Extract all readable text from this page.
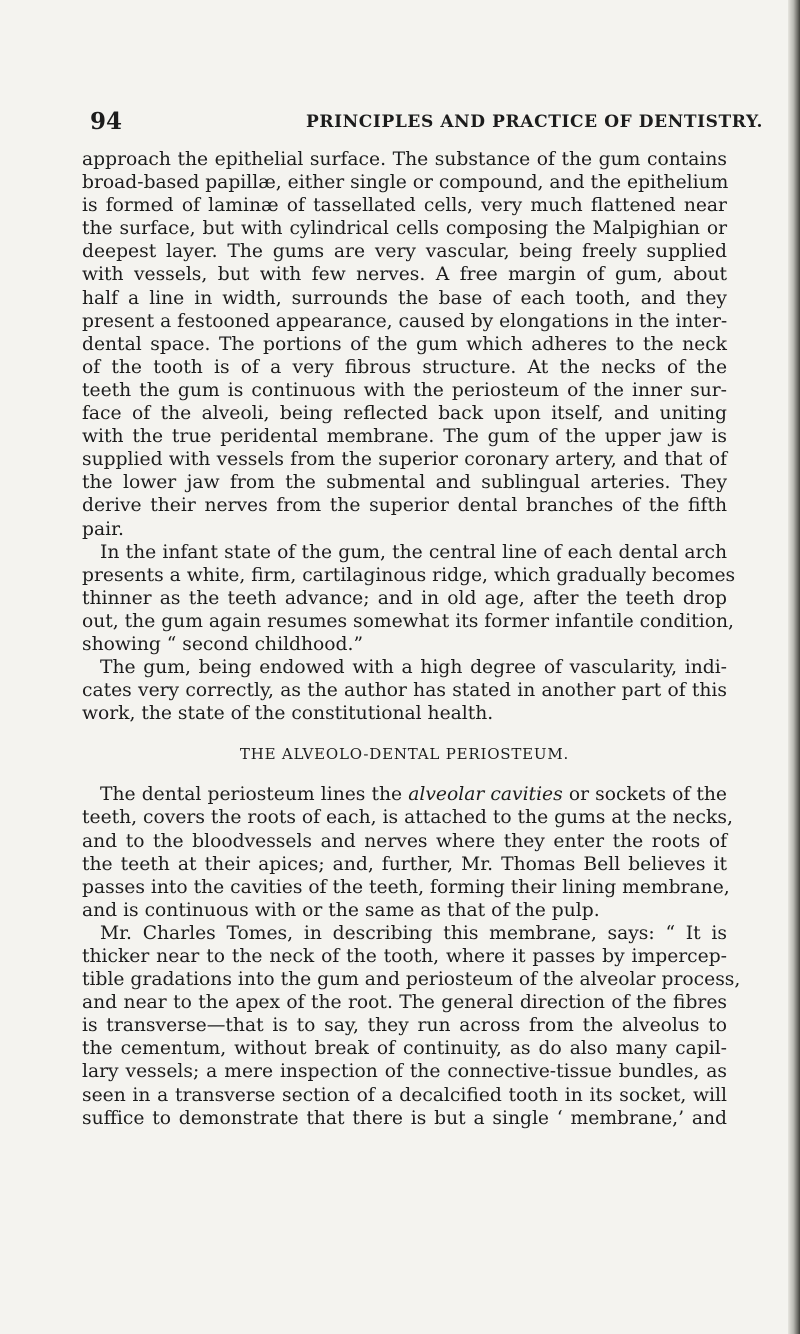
94	PRINCIPLES AND PRACTICE OF DENTISTRY.
approach the epithelial surface. The substance of the gum contains
broad-based papillæ, either single or compound, and the epithelium
is formed of laminæ of tassellated cells, very much flattened near
the surface, but with cylindrical cells composing the Malpighian or
deepest layer. The gums are very vascular, being freely supplied
with vessels, but with few nerves. A free margin of gum, about
half a line in width, surrounds the base of each tooth, and they
present a festooned appearance, caused by elongations in the inter-
dental space. The portions of the gum which adheres to the neck
of the tooth is of a very fibrous structure. At the necks of the
teeth the gum is continuous with the periosteum of the inner sur-
face of the alveoli, being reflected back upon itself, and uniting
with the true peridental membrane. The gum of the upper jaw is
supplied with vessels from the superior coronary artery, and that of
the lower jaw from the submental and sublingual arteries. They
derive their nerves from the superior dental branches of the fifth
pair.
In the infant state of the gum, the central line of each dental arch
presents a white, firm, cartilaginous ridge, which gradually becomes
thinner as the teeth advance; and in old age, after the teeth drop
out, the gum again resumes somewhat its former infantile condition,
showing “ second childhood.”
The gum, being endowed with a high degree of vascularity, indi-
cates very correctly, as the author has stated in another part of this
work, the state of the constitutional health.
THE ALVEOLO-DENTAL PERIOSTEUM.
The dental periosteum lines the alveolar cavities or sockets of the
teeth, covers the roots of each, is attached to the gums at the necks,
and to the bloodvessels and nerves where they enter the roots of
the teeth at their apices; and, further, Mr. Thomas Bell believes it
passes into the cavities of the teeth, forming their lining membrane,
and is continuous with or the same as that of the pulp.
Mr. Charles Tomes, in describing this membrane, says: “ It is
thicker near to the neck of the tooth, where it passes by impercep-
tible gradations into the gum and periosteum of the alveolar process,
and near to the apex of the root. The general direction of the fibres
is transverse—that is to say, they run across from the alveolus to
the cementum, without break of continuity, as do also many capil-
lary vessels; a mere inspection of the connective-tissue bundles, as
seen in a transverse section of a decalcified tooth in its socket, will
suffice to demonstrate that there is but a single ‘ membrane,’ and
